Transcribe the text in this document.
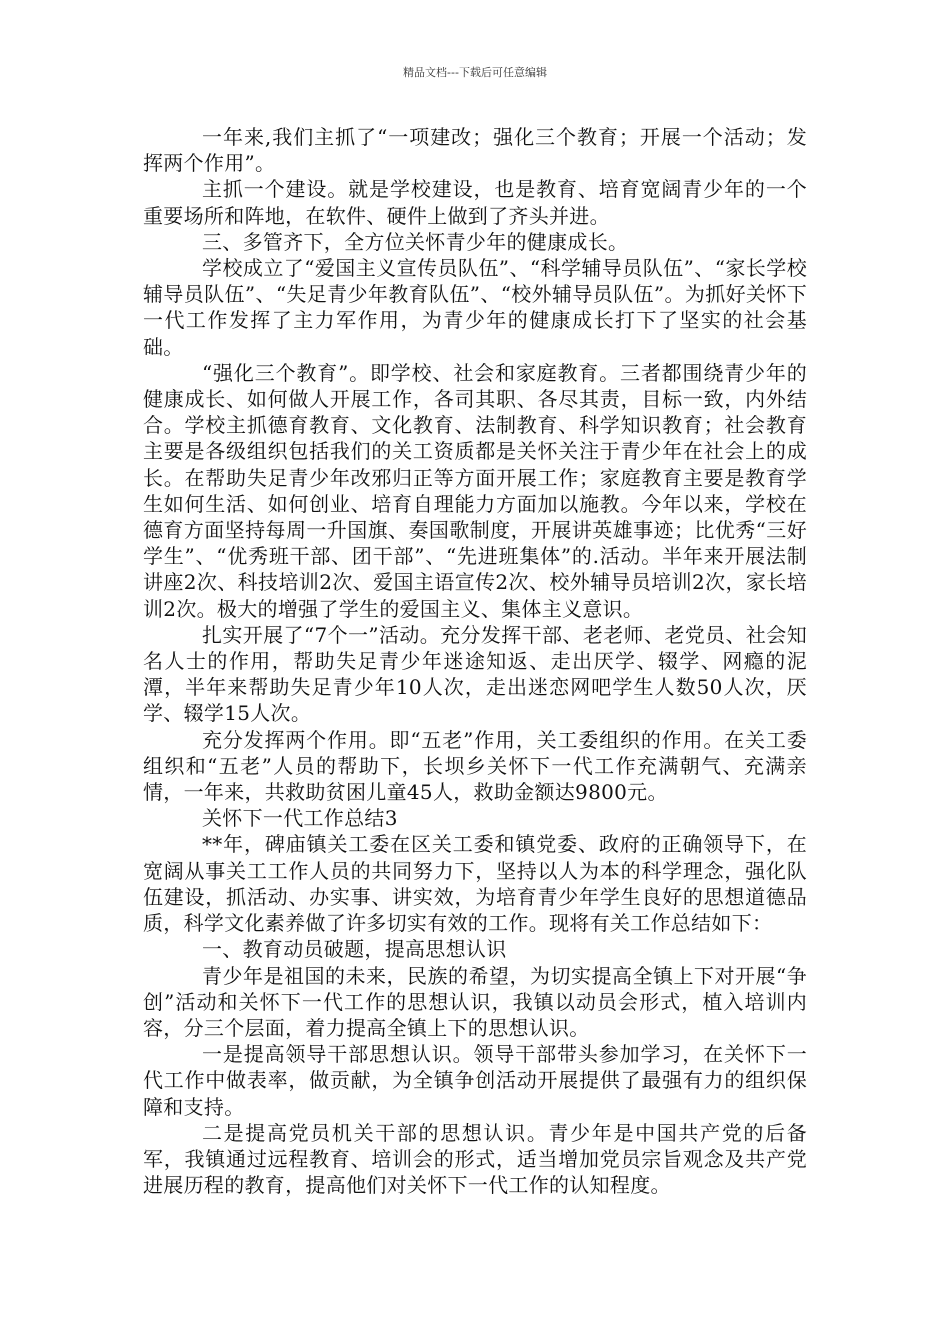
精品文档---下载后可任意编辑

一年来,我们主抓了“一项建改；强化三个教育；开展一个活动；发挥两个作用”。

主抓一个建设。就是学校建设，也是教育、培育宽阔青少年的一个重要场所和阵地，在软件、硬件上做到了齐头并进。

三、多管齐下，全方位关怀青少年的健康成长。

学校成立了“爱国主义宣传员队伍”、“科学辅导员队伍”、“家长学校辅导员队伍”、“失足青少年教育队伍”、“校外辅导员队伍”。为抓好关怀下一代工作发挥了主力军作用，为青少年的健康成长打下了坚实的社会基础。

“强化三个教育”。即学校、社会和家庭教育。三者都围绕青少年的健康成长、如何做人开展工作，各司其职、各尽其责，目标一致，内外结合。学校主抓德育教育、文化教育、法制教育、科学知识教育；社会教育主要是各级组织包括我们的关工资质都是关怀关注于青少年在社会上的成长。在帮助失足青少年改邪归正等方面开展工作；家庭教育主要是教育学生如何生活、如何创业、培育自理能力方面加以施教。今年以来，学校在德育方面坚持每周一升国旗、奏国歌制度，开展讲英雄事迹；比优秀“三好学生”、“优秀班干部、团干部”、“先进班集体”的.活动。半年来开展法制讲座2次、科技培训2次、爱国主语宣传2次、校外辅导员培训2次，家长培训2次。极大的增强了学生的爱国主义、集体主义意识。

扎实开展了“7个一”活动。充分发挥干部、老老师、老党员、社会知名人士的作用，帮助失足青少年迷途知返、走出厌学、辍学、网瘾的泥潭，半年来帮助失足青少年10人次，走出迷恋网吧学生人数50人次，厌学、辍学15人次。

充分发挥两个作用。即“五老”作用，关工委组织的作用。在关工委组织和“五老”人员的帮助下，长坝乡关怀下一代工作充满朝气、充满亲情，一年来，共救助贫困儿童45人，救助金额达9800元。

关怀下一代工作总结3

**年，碑庙镇关工委在区关工委和镇党委、政府的正确领导下，在宽阔从事关工工作人员的共同努力下，坚持以人为本的科学理念，强化队伍建设，抓活动、办实事、讲实效，为培育青少年学生良好的思想道德品质，科学文化素养做了许多切实有效的工作。现将有关工作总结如下：

一、教育动员破题，提高思想认识

青少年是祖国的未来，民族的希望，为切实提高全镇上下对开展“争创”活动和关怀下一代工作的思想认识，我镇以动员会形式，植入培训内容，分三个层面，着力提高全镇上下的思想认识。

一是提高领导干部思想认识。领导干部带头参加学习，在关怀下一代工作中做表率，做贡献，为全镇争创活动开展提供了最强有力的组织保障和支持。

二是提高党员机关干部的思想认识。青少年是中国共产党的后备军，我镇通过远程教育、培训会的形式，适当增加党员宗旨观念及共产党进展历程的教育，提高他们对关怀下一代工作的认知程度。
